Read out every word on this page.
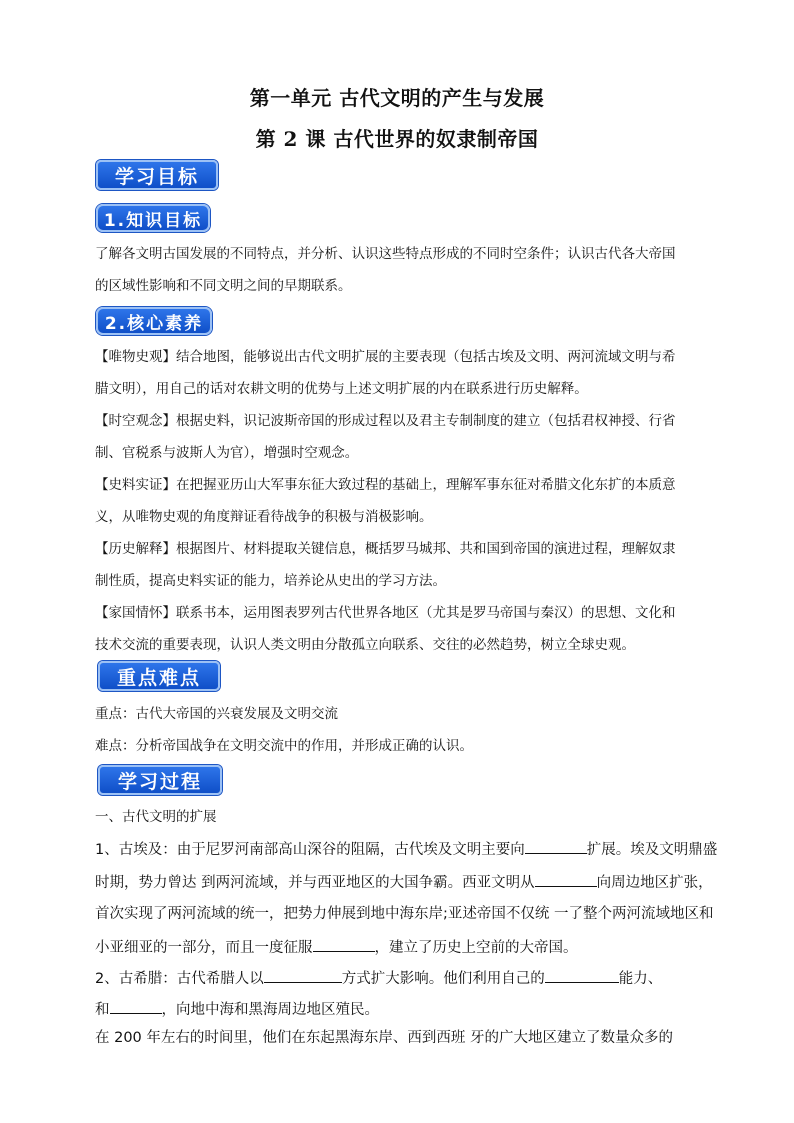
第一单元 古代文明的产生与发展
第 2 课 古代世界的奴隶制帝国
学习目标
1.知识目标
了解各文明古国发展的不同特点，并分析、认识这些特点形成的不同时空条件；认识古代各大帝国
的区域性影响和不同文明之间的早期联系。
2.核心素养
【唯物史观】结合地图，能够说出古代文明扩展的主要表现（包括古埃及文明、两河流域文明与希
腊文明），用自己的话对农耕文明的优势与上述文明扩展的内在联系进行历史解释。
【时空观念】根据史料，识记波斯帝国的形成过程以及君主专制制度的建立（包括君权神授、行省
制、官税系与波斯人为官），增强时空观念。
【史料实证】在把握亚历山大军事东征大致过程的基础上，理解军事东征对希腊文化东扩的本质意
义，从唯物史观的角度辩证看待战争的积极与消极影响。
【历史解释】根据图片、材料提取关键信息，概括罗马城邦、共和国到帝国的演进过程，理解奴隶
制性质，提高史料实证的能力，培养论从史出的学习方法。
【家国情怀】联系书本，运用图表罗列古代世界各地区（尤其是罗马帝国与秦汉）的思想、文化和
技术交流的重要表现，认识人类文明由分散孤立向联系、交往的必然趋势，树立全球史观。
重点难点
重点：古代大帝国的兴衰发展及文明交流
难点：分析帝国战争在文明交流中的作用，并形成正确的认识。
学习过程
一、古代文明的扩展
1、古埃及：由于尼罗河南部高山深谷的阻隔，古代埃及文明主要向	扩展。埃及文明鼎盛
时期，势力曾达 到两河流域，并与西亚地区的大国争霸。西亚文明从	向周边地区扩张，
首次实现了两河流域的统一，把势力伸展到地中海东岸;亚述帝国不仅统 一了整个两河流域地区和
小亚细亚的一部分，而且一度征服	，建立了历史上空前的大帝国。
2、古希腊：古代希腊人以	方式扩大影响。他们利用自己的	能力、
和	，向地中海和黑海周边地区殖民。
在 200 年左右的时间里，他们在东起黑海东岸、西到西班 牙的广大地区建立了数量众多的
